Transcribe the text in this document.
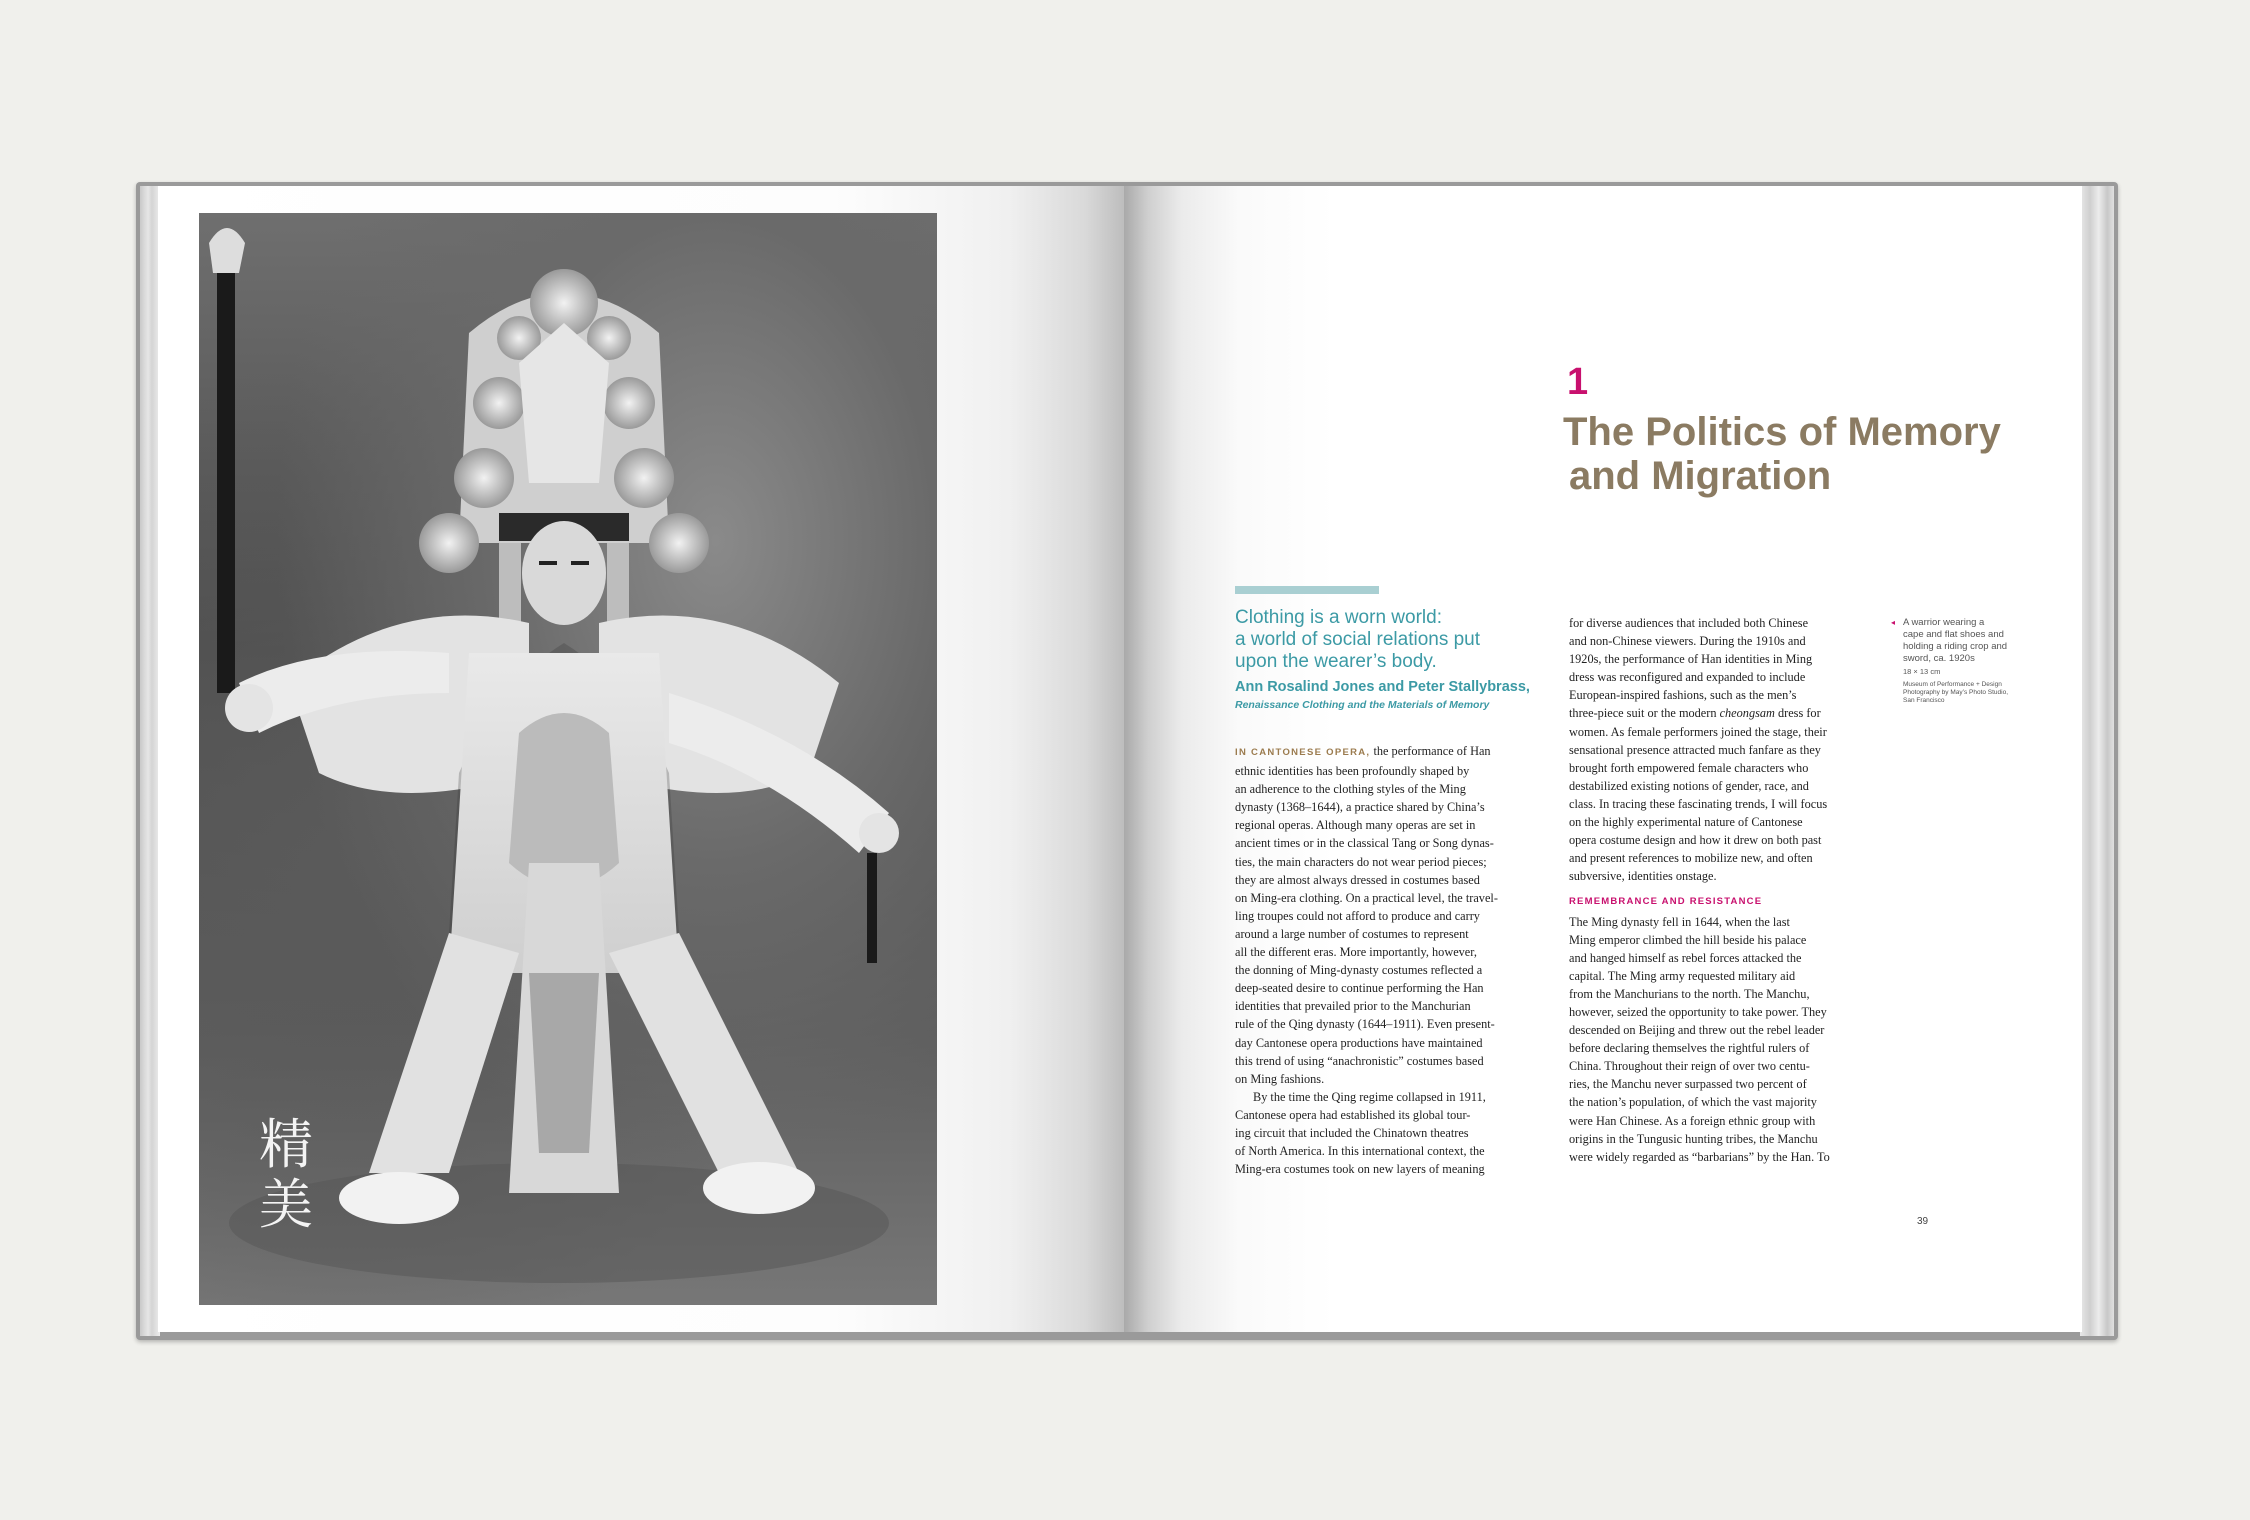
精
美
1
The Politics of Memory
and Migration
Clothing is a worn world:
a world of social relations put
upon the wearer’s body.
Ann Rosalind Jones and Peter Stallybrass,
Renaissance Clothing and the Materials of Memory
IN CANTONESE OPERA, the performance of Han
ethnic identities has been profoundly shaped by
an adherence to the clothing styles of the Ming
dynasty (1368–1644), a practice shared by China’s
regional operas. Although many operas are set in
ancient times or in the classical Tang or Song dynas-
ties, the main characters do not wear period pieces;
they are almost always dressed in costumes based
on Ming-era clothing. On a practical level, the travel-
ling troupes could not afford to produce and carry
around a large number of costumes to represent
all the different eras. More importantly, however,
the donning of Ming-dynasty costumes reflected a
deep-seated desire to continue performing the Han
identities that prevailed prior to the Manchurian
rule of the Qing dynasty (1644–1911). Even present-
day Cantonese opera productions have maintained
this trend of using “anachronistic” costumes based
on Ming fashions.
By the time the Qing regime collapsed in 1911,
Cantonese opera had established its global tour-
ing circuit that included the Chinatown theatres
of North America. In this international context, the
Ming-era costumes took on new layers of meaning
for diverse audiences that included both Chinese
and non-Chinese viewers. During the 1910s and
1920s, the performance of Han identities in Ming
dress was reconfigured and expanded to include
European-inspired fashions, such as the men’s
three-piece suit or the modern cheongsam dress for
women. As female performers joined the stage, their
sensational presence attracted much fanfare as they
brought forth empowered female characters who
destabilized existing notions of gender, race, and
class. In tracing these fascinating trends, I will focus
on the highly experimental nature of Cantonese
opera costume design and how it drew on both past
and present references to mobilize new, and often
subversive, identities onstage.
REMEMBRANCE AND RESISTANCE
The Ming dynasty fell in 1644, when the last
Ming emperor climbed the hill beside his palace
and hanged himself as rebel forces attacked the
capital. The Ming army requested military aid
from the Manchurians to the north. The Manchu,
however, seized the opportunity to take power. They
descended on Beijing and threw out the rebel leader
before declaring themselves the rightful rulers of
China. Throughout their reign of over two centu-
ries, the Manchu never surpassed two percent of
the nation’s population, of which the vast majority
were Han Chinese. As a foreign ethnic group with
origins in the Tungusic hunting tribes, the Manchu
were widely regarded as “barbarians” by the Han. To
◂ A warrior wearing a
cape and flat shoes and
holding a riding crop and
sword, ca. 1920s
18 × 13 cm
Museum of Performance + Design
Photography by May’s Photo Studio,
San Francisco
39
